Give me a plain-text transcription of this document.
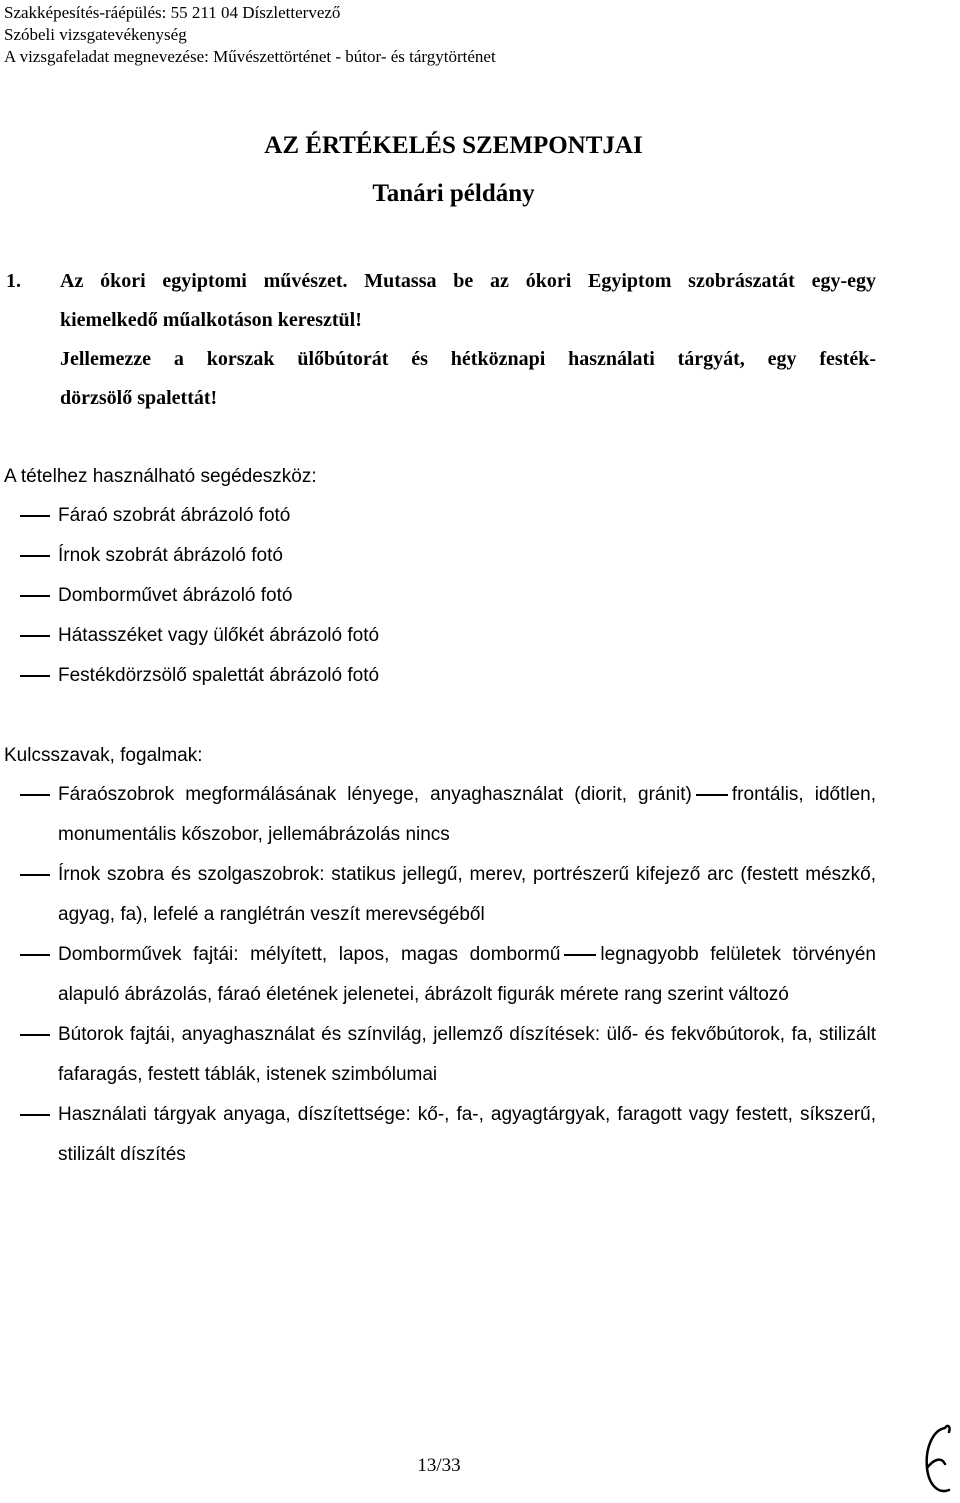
Szakképesítés-ráépülés: 55 211 04 Díszlettervező
Szóbeli vizsgatevékenység
A vizsgafeladat megnevezése: Művészettörténet - bútor- és tárgytörténet
AZ ÉRTÉKELÉS SZEMPONTJAI
Tanári példány
1. Az ókori egyiptomi művészet. Mutassa be az ókori Egyiptom szobrászatát egy-egy
kiemelkedő műalkotáson keresztül!
Jellemezze a korszak ülőbútorát és hétköznapi használati tárgyát, egy festék-
dörzsölő spalettát!
A tételhez használható segédeszköz:
Fáraó szobrát ábrázoló fotó
Írnok szobrát ábrázoló fotó
Domborművet ábrázoló fotó
Hátasszéket vagy ülőkét ábrázoló fotó
Festékdörzsölő spalettát ábrázoló fotó
Kulcsszavak, fogalmak:
Fáraószobrok megformálásának lényege, anyaghasználat (diorit, gránit) frontális, időtlen, monumentális kőszobor, jellemábrázolás nincs
Írnok szobra és szolgaszobrok: statikus jellegű, merev, portrészerű kifejező arc (festett mészkő, agyag, fa), lefelé a ranglétrán veszít merevségéből
Domborművek fajtái: mélyített, lapos, magas dombormű legnagyobb felületek törvényén alapuló ábrázolás, fáraó életének jelenetei, ábrázolt figurák mérete rang szerint változó
Bútorok fajtái, anyaghasználat és színvilág, jellemző díszítések: ülő- és fekvőbútorok, fa, stilizált fafaragás, festett táblák, istenek szimbólumai
Használati tárgyak anyaga, díszítettsége: kő-, fa-, agyagtárgyak, faragott vagy festett, síkszerű, stilizált díszítés
13/33
